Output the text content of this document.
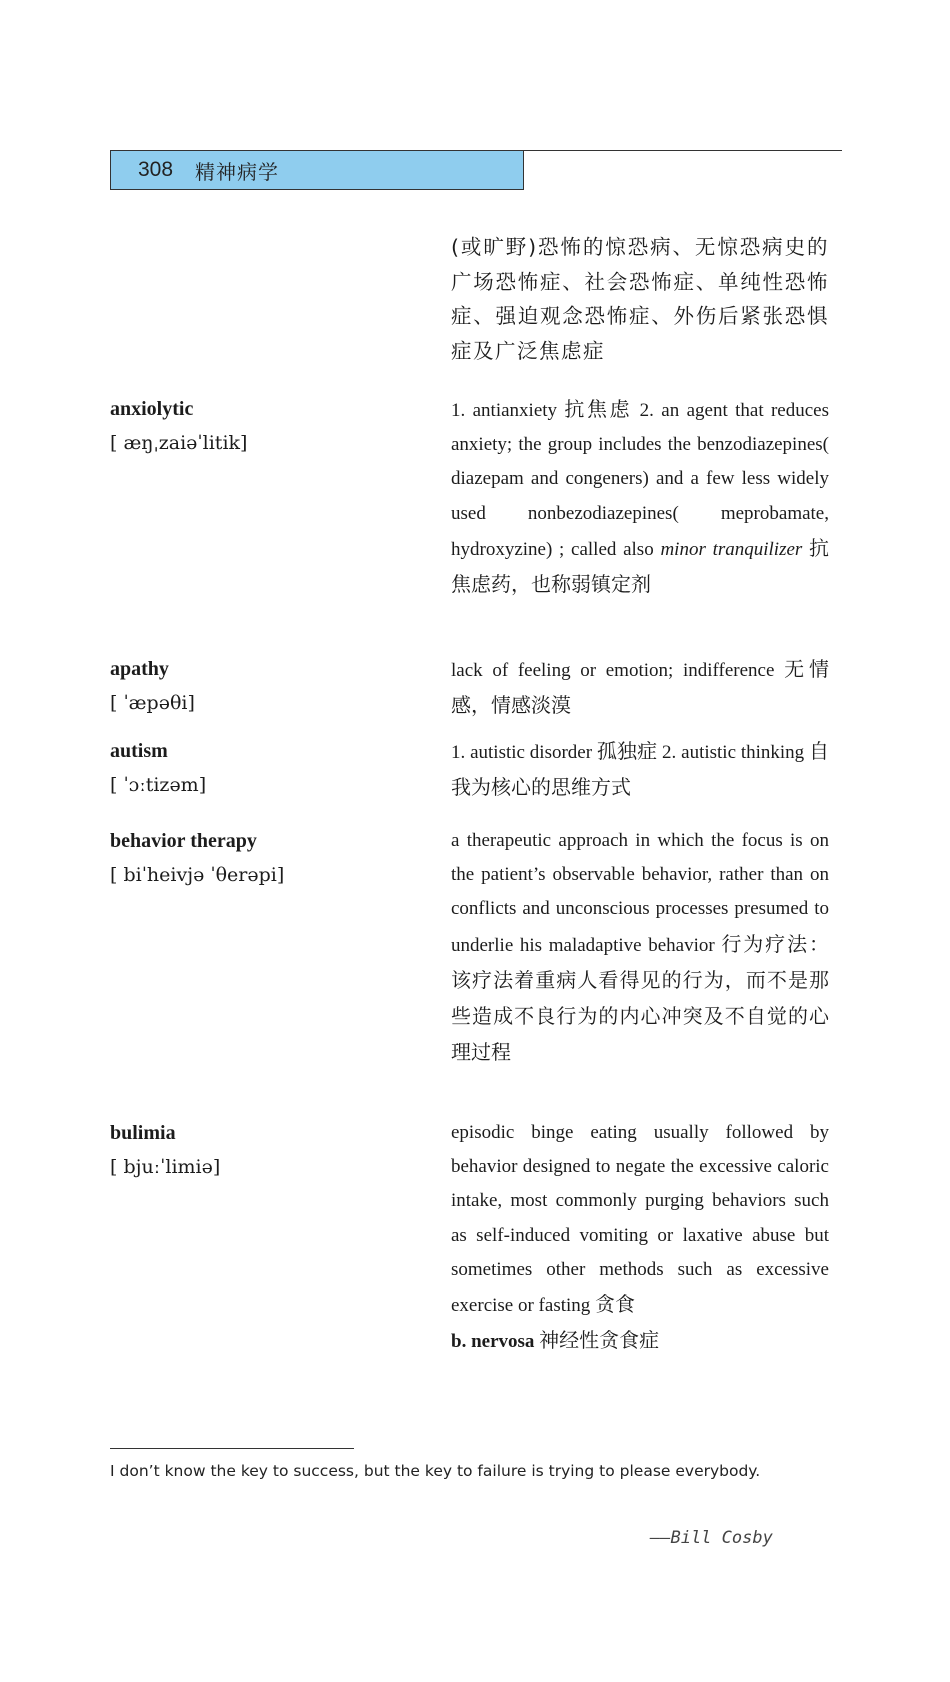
308 精神病学

(或旷野)恐怖的惊恐病、无惊恐病史的广场恐怖症、社会恐怖症、单纯性恐怖症、强迫观念恐怖症、外伤后紧张恐惧症及广泛焦虑症

anxiolytic
[ æŋˌzaiəˈlitik]

1. antianxiety 抗焦虑 2. an agent that reduces anxiety; the group includes the benzodiazepines( diazepam and congeners) and a few less widely used nonbezodiazepines( meprobamate, hydroxyzine) ; called also minor tranquilizer 抗焦虑药，也称弱镇定剂

apathy
[ ˈæpəθi]

lack of feeling or emotion; indifference 无情感，情感淡漠

autism
[ ˈɔːtizəm]

1. autistic disorder 孤独症 2. autistic thinking 自我为核心的思维方式

behavior therapy
[ biˈheivjə ˈθerəpi]

a therapeutic approach in which the focus is on the patient’s observable behavior, rather than on conflicts and unconscious processes presumed to underlie his maladaptive behavior 行为疗法：该疗法着重病人看得见的行为，而不是那些造成不良行为的内心冲突及不自觉的心理过程

bulimia
[ bjuːˈlimiə]

episodic binge eating usually followed by behavior designed to negate the excessive caloric intake, most commonly purging behaviors such as self-induced vomiting or laxative abuse but sometimes other methods such as excessive exercise or fasting 贪食

b. nervosa 神经性贪食症

I don’t know the key to success, but the key to failure is trying to please everybody.
——Bill Cosby
